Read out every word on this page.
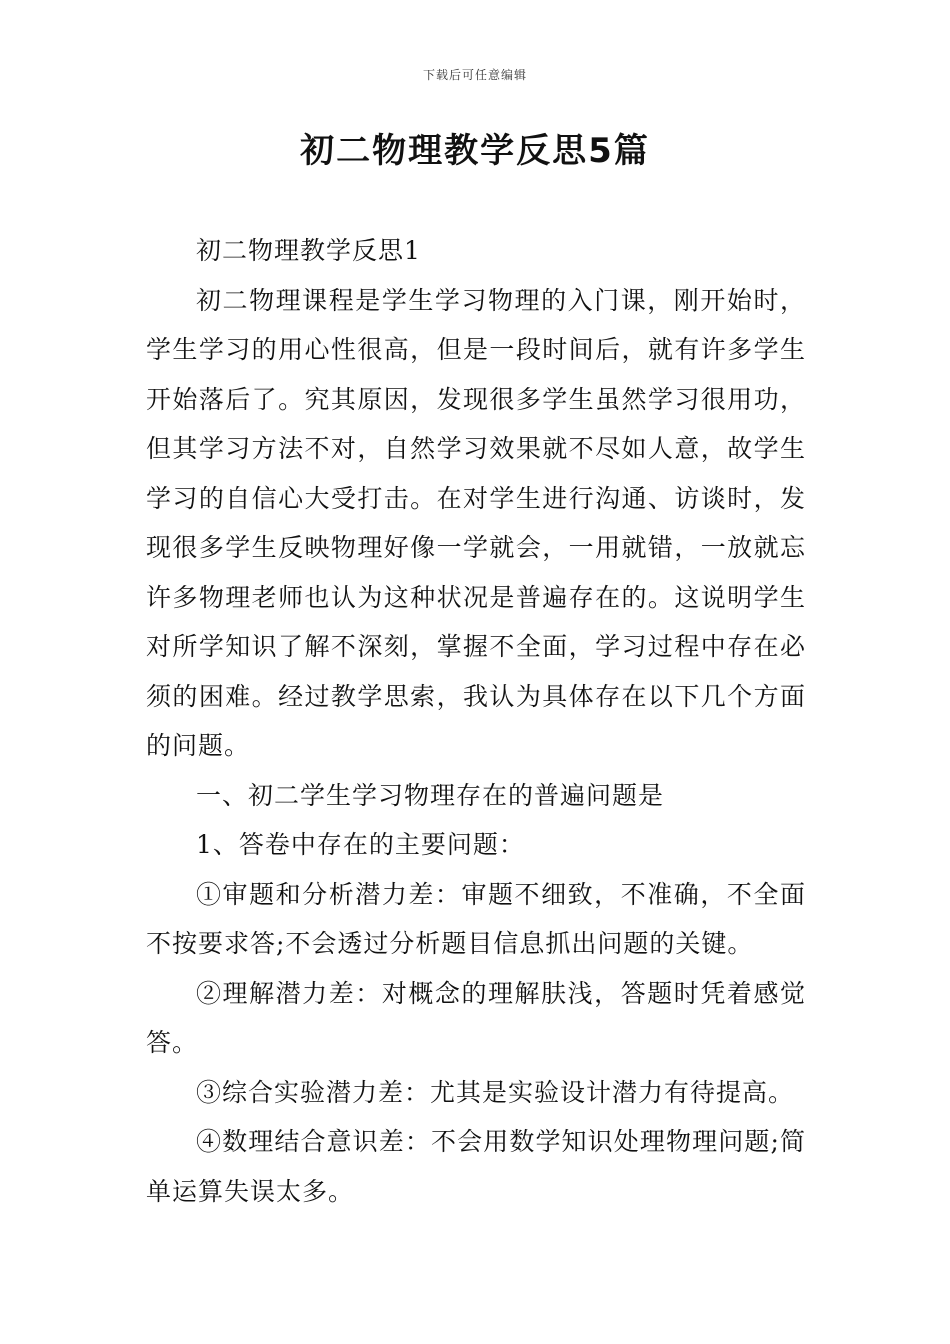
下载后可任意编辑
初二物理教学反思5篇

初二物理教学反思1

初二物理课程是学生学习物理的入门课，刚开始时，学生学习的用心性很高，但是一段时间后，就有许多学生开始落后了。究其原因，发现很多学生虽然学习很用功，但其学习方法不对，自然学习效果就不尽如人意，故学生学习的自信心大受打击。在对学生进行沟通、访谈时，发现很多学生反映物理好像一学就会，一用就错，一放就忘许多物理老师也认为这种状况是普遍存在的。这说明学生对所学知识了解不深刻，掌握不全面，学习过程中存在必须的困难。经过教学思索，我认为具体存在以下几个方面的问题。

一、初二学生学习物理存在的普遍问题是

1、答卷中存在的主要问题：

①审题和分析潜力差：审题不细致，不准确，不全面不按要求答;不会透过分析题目信息抓出问题的关键。

②理解潜力差：对概念的理解肤浅，答题时凭着感觉答。

③综合实验潜力差：尤其是实验设计潜力有待提高。

④数理结合意识差：不会用数学知识处理物理问题;简单运算失误太多。
